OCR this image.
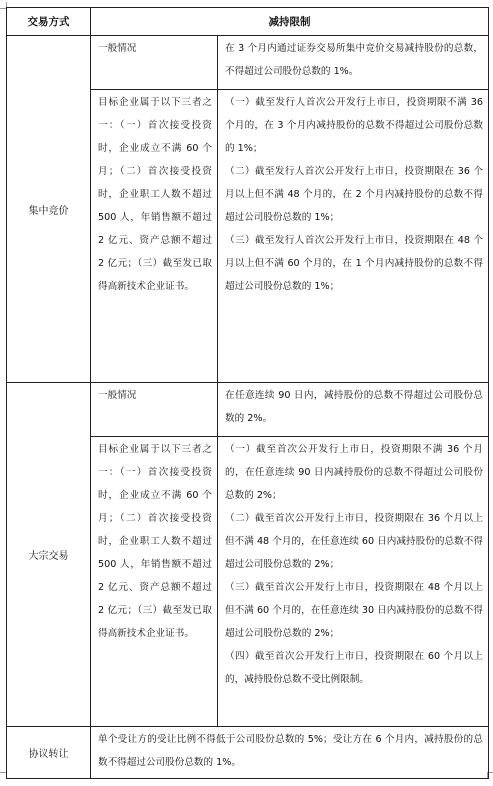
交易方式	减持限制	
集中竞价	一般情况	在 3 个月内通过证券交易所集中竞价交易减持股份的总数，不得超过公司股份总数的 1%。

	目标企业属于以下三者之一：（一）首次接受投资时，企业成立不满 60 个月；（二）首次接受投资时，企业职工人数不超过 500 人，年销售额不超过 2 亿元、资产总额不超过 2 亿元；（三）截至发已取得高新技术企业证书。	（一）截至发行人首次公开发行上市日，投资期限不满 36 个月的，在 3 个月内减持股份的总数不得超过公司股份总数的 1%；
（二）截至发行人首次公开发行上市日，投资期限在 36 个月以上但不满 48 个月的，在 2 个月内减持股份的总数不得超过公司股份总数的 1%；
（三）截至发行人首次公开发行上市日，投资期限在 48 个月以上但不满 60 个月的，在 1 个月内减持股份的总数不得超过公司股份总数的 1%；

大宗交易	一般情况	在任意连续 90 日内，减持股份的总数不得超过公司股份总数的 2%。

	目标企业属于以下三者之一：（一）首次接受投资时，企业成立不满 60 个月；（二）首次接受投资时，企业职工人数不超过 500 人，年销售额不超过 2 亿元、资产总额不超过 2 亿元；（三）截至发已取得高新技术企业证书。	（一）截至首次公开发行上市日，投资期限不满 36 个月的，在任意连续 90 日内减持股份的总数不得超过公司股份总数的 2%；
（二）截至首次公开发行上市日，投资期限在 36 个月以上但不满 48 个月的，在任意连续 60 日内减持股份的总数不得超过公司股份总数的 2%；
（三）截至首次公开发行上市日，投资期限在 48 个月以上但不满 60 个月的，在任意连续 30 日内减持股份的总数不得超过公司股份总数的 2%；
（四）截至首次公开发行上市日，投资期限在 60 个月以上的，减持股份总数不受比例限制。

协议转让	单个受让方的受让比例不得低于公司股份总数的 5%；受让方在 6 个月内，减持股份的总数不得超过公司股份总数的 1%。	
